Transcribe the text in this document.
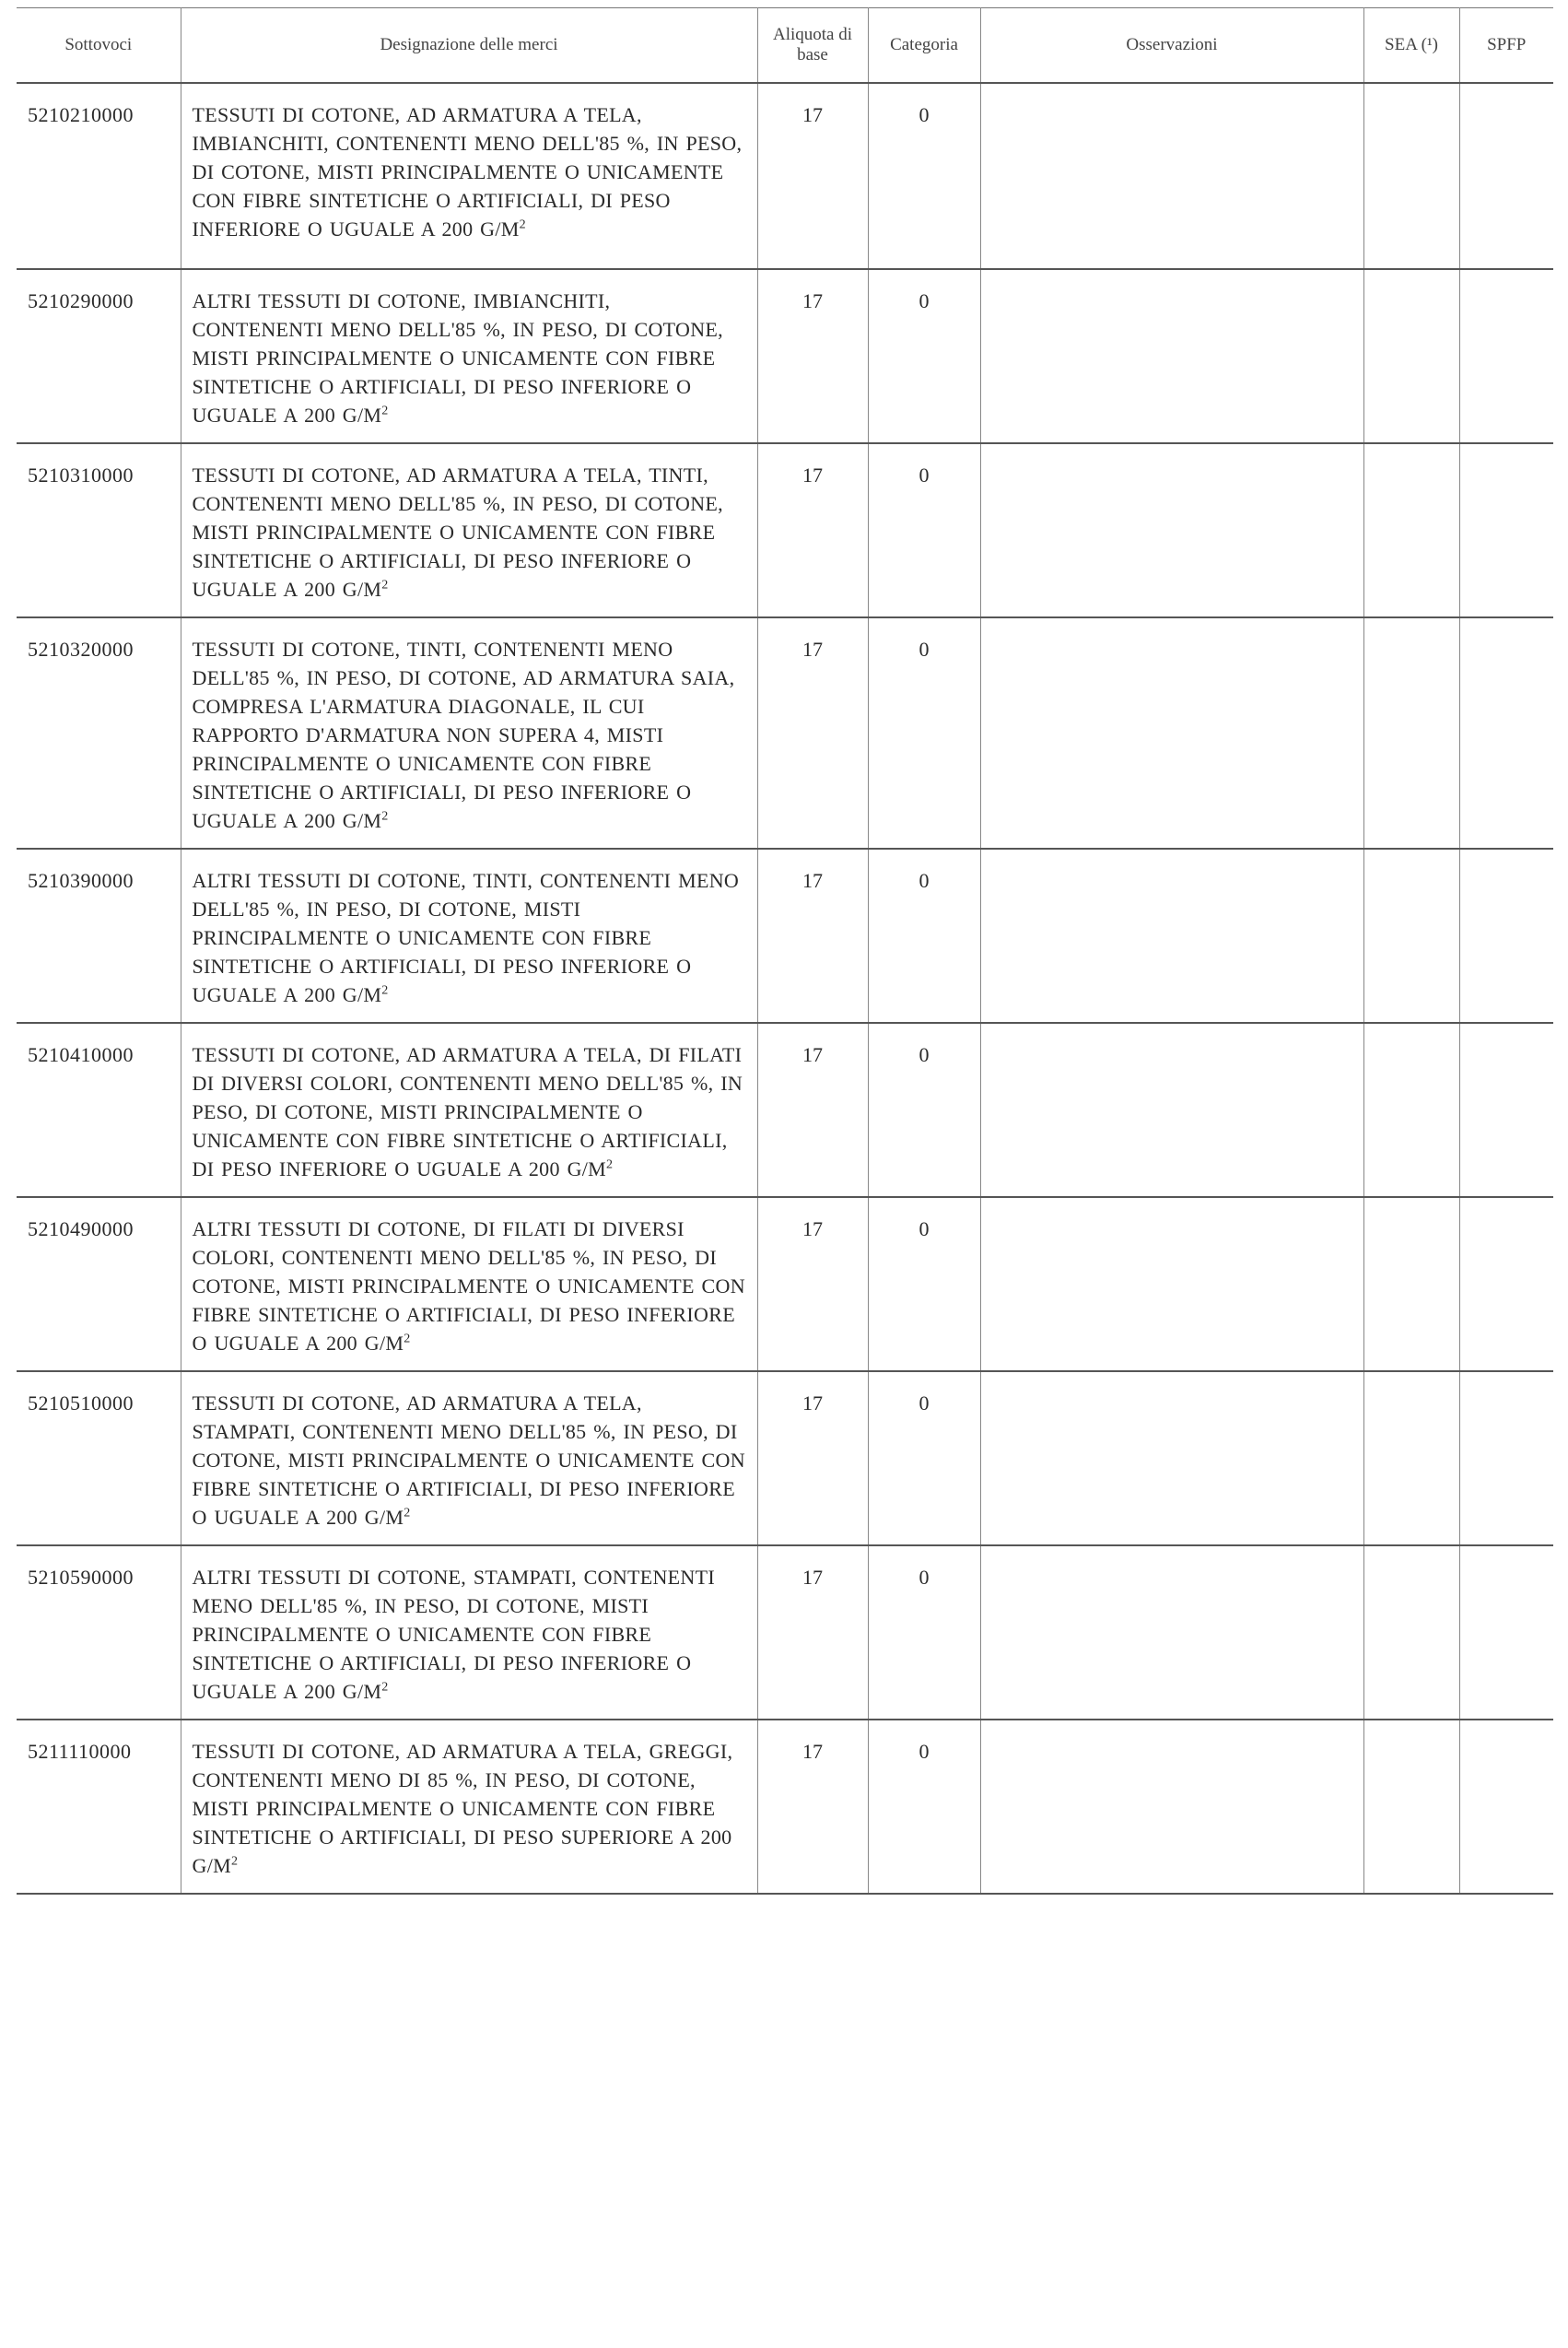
Sottovoci	Designazione delle merci	Aliquota di base	Categoria	Osservazioni	SEA (¹)	SPFP
5210210000	TESSUTI DI COTONE, AD ARMATURA A TELA, IMBIANCHITI, CONTENENTI MENO DELL'85 %, IN PESO, DI COTONE, MISTI PRINCIPALMENTE O UNICAMENTE CON FIBRE SINTETICHE O ARTIFICIALI, DI PESO INFERIORE O UGUALE A 200 $G/M^2$	17	0			
5210290000	ALTRI TESSUTI DI COTONE, IMBIANCHITI, CONTENENTI MENO DELL'85 %, IN PESO, DI COTONE, MISTI PRINCIPALMENTE O UNICAMENTE CON FIBRE SINTETICHE O ARTIFICIALI, DI PESO INFERIORE O UGUALE A 200 $G/M^2$	17	0			
5210310000	TESSUTI DI COTONE, AD ARMATURA A TELA, TINTI, CONTENENTI MENO DELL'85 %, IN PESO, DI COTONE, MISTI PRINCIPALMENTE O UNICAMENTE CON FIBRE SINTETICHE O ARTIFICIALI, DI PESO INFERIORE O UGUALE A 200 $G/M^2$	17	0			
5210320000	TESSUTI DI COTONE, TINTI, CONTENENTI MENO DELL'85 %, IN PESO, DI COTONE, AD ARMATURA SAIA, COMPRESA L'ARMATURA DIAGONALE, IL CUI RAPPORTO D'ARMATURA NON SUPERA 4, MISTI PRINCIPALMENTE O UNICAMENTE CON FIBRE SINTETICHE O ARTIFICIALI, DI PESO INFERIORE O UGUALE A 200 $G/M^2$	17	0			
5210390000	ALTRI TESSUTI DI COTONE, TINTI, CONTENENTI MENO DELL'85 %, IN PESO, DI COTONE, MISTI PRINCIPALMENTE O UNICAMENTE CON FIBRE SINTETICHE O ARTIFICIALI, DI PESO INFERIORE O UGUALE A 200 $G/M^2$	17	0			
5210410000	TESSUTI DI COTONE, AD ARMATURA A TELA, DI FILATI DI DIVERSI COLORI, CONTENENTI MENO DELL'85 %, IN PESO, DI COTONE, MISTI PRINCIPALMENTE O UNICAMENTE CON FIBRE SINTETICHE O ARTIFICIALI, DI PESO INFERIORE O UGUALE A 200 $G/M^2$	17	0			
5210490000	ALTRI TESSUTI DI COTONE, DI FILATI DI DIVERSI COLORI, CONTENENTI MENO DELL'85 %, IN PESO, DI COTONE, MISTI PRINCIPALMENTE O UNICAMENTE CON FIBRE SINTETICHE O ARTIFICIALI, DI PESO INFERIORE O UGUALE A 200 $G/M^2$	17	0			
5210510000	TESSUTI DI COTONE, AD ARMATURA A TELA, STAMPATI, CONTENENTI MENO DELL'85 %, IN PESO, DI COTONE, MISTI PRINCIPALMENTE O UNICAMENTE CON FIBRE SINTETICHE O ARTIFICIALI, DI PESO INFERIORE O UGUALE A 200 $G/M^2$	17	0			
5210590000	ALTRI TESSUTI DI COTONE, STAMPATI, CONTENENTI MENO DELL'85 %, IN PESO, DI COTONE, MISTI PRINCIPALMENTE O UNICAMENTE CON FIBRE SINTETICHE O ARTIFICIALI, DI PESO INFERIORE O UGUALE A 200 $G/M^2$	17	0			
5211110000	TESSUTI DI COTONE, AD ARMATURA A TELA, GREGGI, CONTENENTI MENO DI 85 %, IN PESO, DI COTONE, MISTI PRINCIPALMENTE O UNICAMENTE CON FIBRE SINTETICHE O ARTIFICIALI, DI PESO SUPERIORE A 200 $G/M^2$	17	0			
